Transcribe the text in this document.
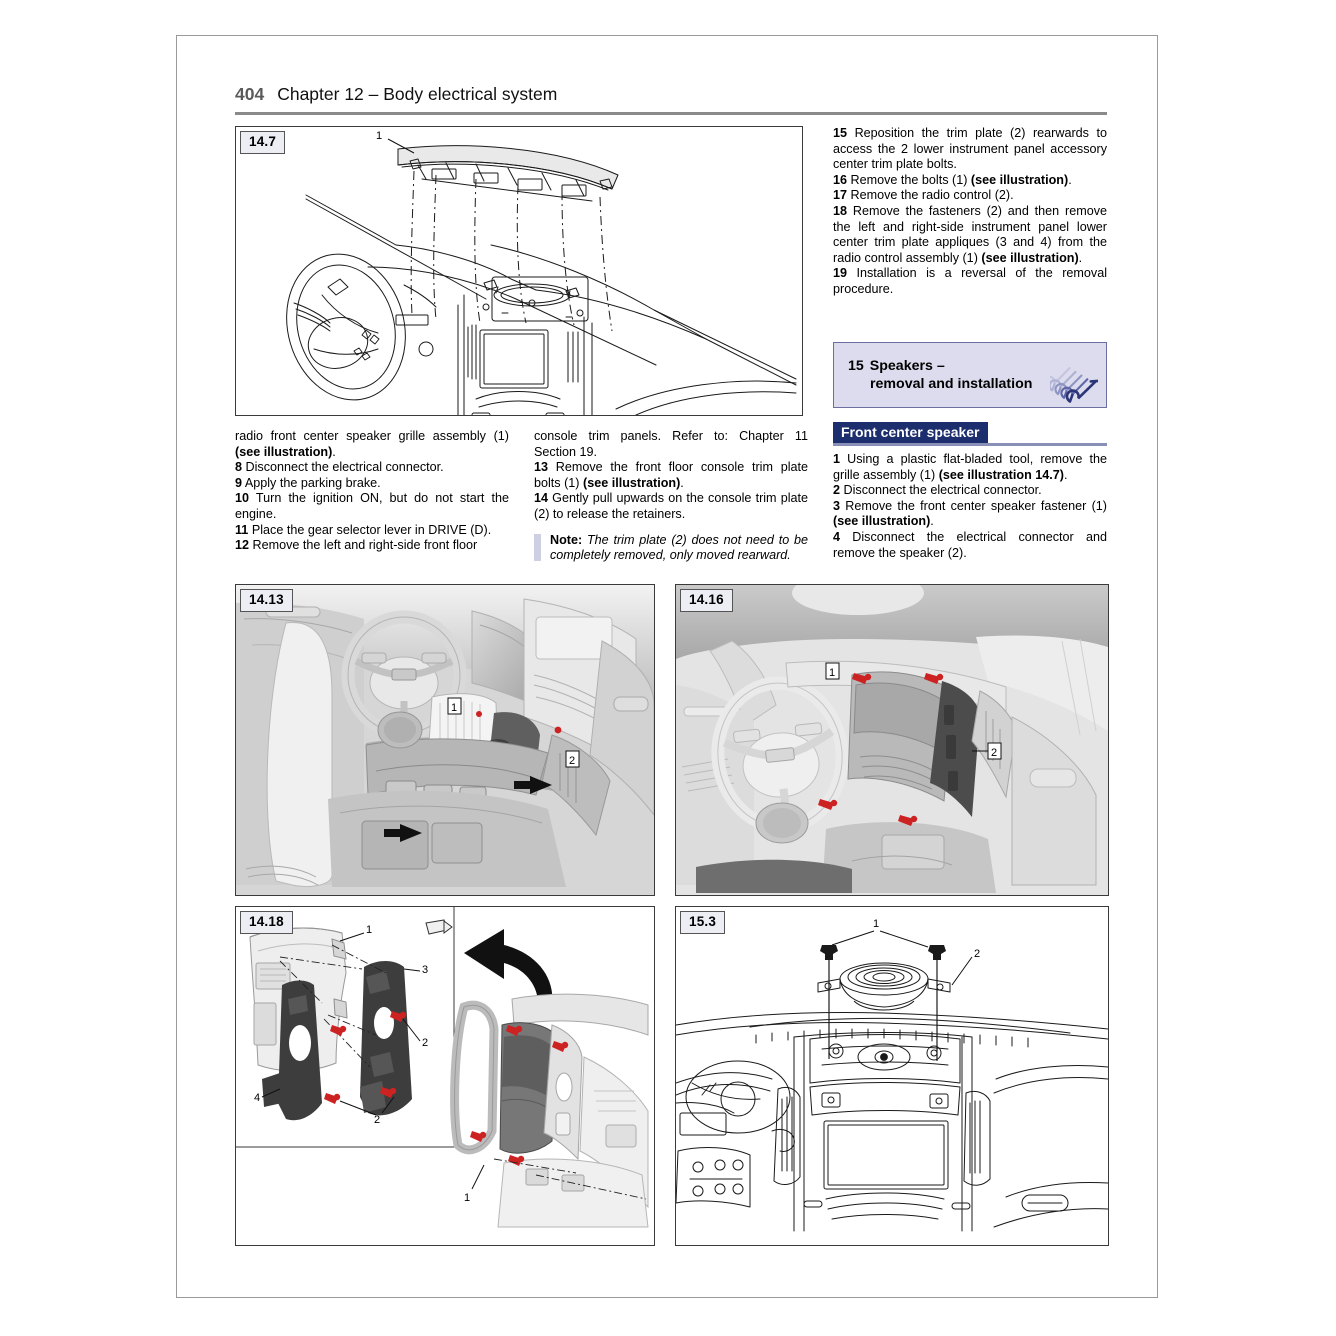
404 Chapter 12 – Body electrical system
14.7	1	15 Reposition the trim plate (2) rearwards to access the 2 lower instrument panel accessory center trim plate bolts.

16 Remove the bolts (1) (see illustration).

17 Remove the radio control (2).

18 Remove the fasteners (2) and then remove the left and right-side instrument panel lower center trim plate appliques (3 and 4) from the radio control assembly (1) (see illustration).

19 Installation is a reversal of the removal procedure.

15 Speakers –
removal and installation
Front center speaker

1 Using a plastic flat-bladed tool, remove the grille assembly (1) (see illustration 14.7).

2 Disconnect the electrical connector.

3 Remove the front center speaker fastener (1) (see illustration).

4 Disconnect the electrical connector and remove the speaker (2).

radio front center speaker grille assembly (1) (see illustration).

8 Disconnect the electrical connector.

9 Apply the parking brake.

10 Turn the ignition ON, but do not start the engine.

11 Place the gear selector lever in DRIVE (D).

12 Remove the left and right-side front floor

console trim panels. Refer to: Chapter 11 Section 19.

13 Remove the front floor console trim plate bolts (1) (see illustration).

14 Gently pull upwards on the console trim plate (2) to release the retainers.

Note: The trim plate (2) does not need to be completely removed, only moved rearward.
14.13
1
2
14.16
1
2
14.18
1
3
2
4
2
1
15.3	1
2
